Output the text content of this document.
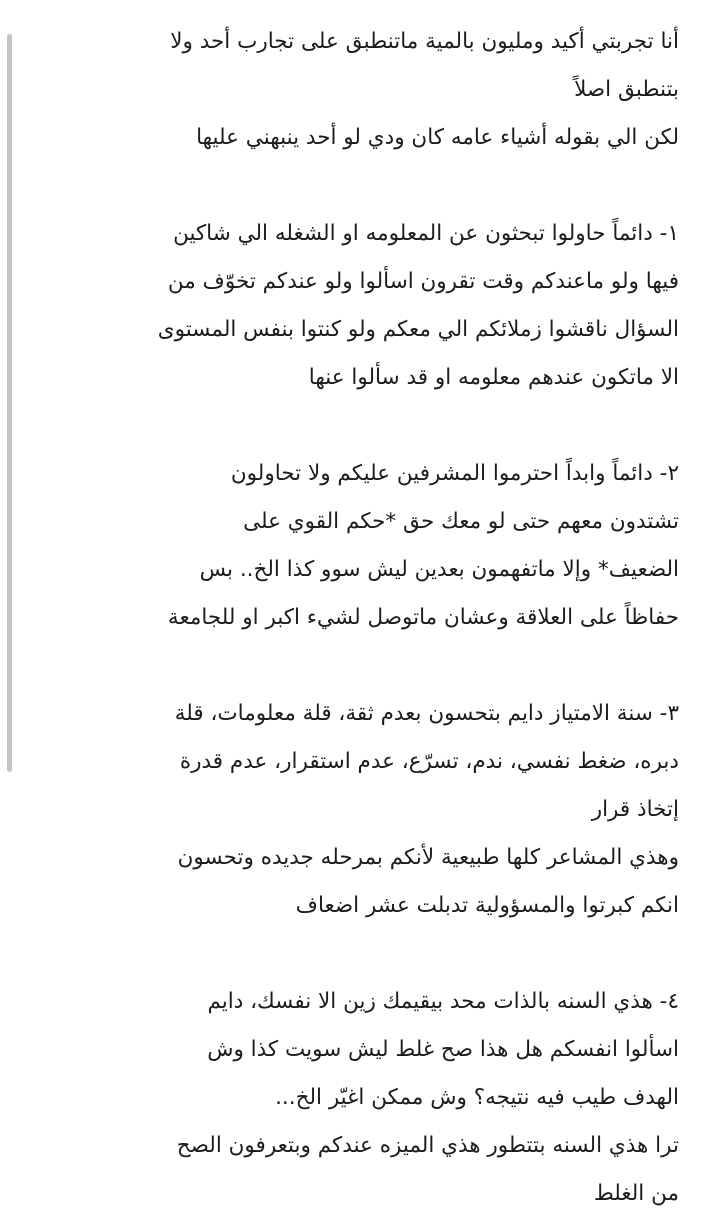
أنا تجربتي أكيد ومليون بالمية ماتنطبق على تجارب أحد ولا
بتنطبق اصلاً
لكن الي بقوله أشياء عامه كان ودي لو أحد ينبهني عليها
١- دائماً حاولوا تبحثون عن المعلومه او الشغله الي شاكين
فيها ولو ماعندكم وقت تقرون اسألوا ولو عندكم تخوّف من
السؤال ناقشوا زملائكم الي معكم ولو كنتوا بنفس المستوى
الا ماتكون عندهم معلومه او قد سألوا عنها
٢- دائماً وابداً احترموا المشرفين عليكم ولا تحاولون
تشتدون معهم حتى لو معك حق *حكم القوي على
الضعيف* وإلا ماتفهمون بعدين ليش سوو كذا الخ.. بس
حفاظاً على العلاقة وعشان ماتوصل لشيء اكبر او للجامعة
٣- سنة الامتياز دايم بتحسون بعدم ثقة، قلة معلومات، قلة
دبره، ضغط نفسي، ندم، تسرّع، عدم استقرار، عدم قدرة
إتخاذ قرار
وهذي المشاعر كلها طبيعية لأنكم بمرحله جديده وتحسون
انكم كبرتوا والمسؤولية تدبلت عشر اضعاف
٤- هذي السنه بالذات محد بيقيمك زين الا نفسك، دايم
اسألوا انفسكم هل هذا صح غلط ليش سويت كذا وش
الهدف طيب فيه نتيجه؟ وش ممكن اغيّر الخ...
ترا هذي السنه بتتطور هذي الميزه عندكم وبتعرفون الصح
من الغلط
